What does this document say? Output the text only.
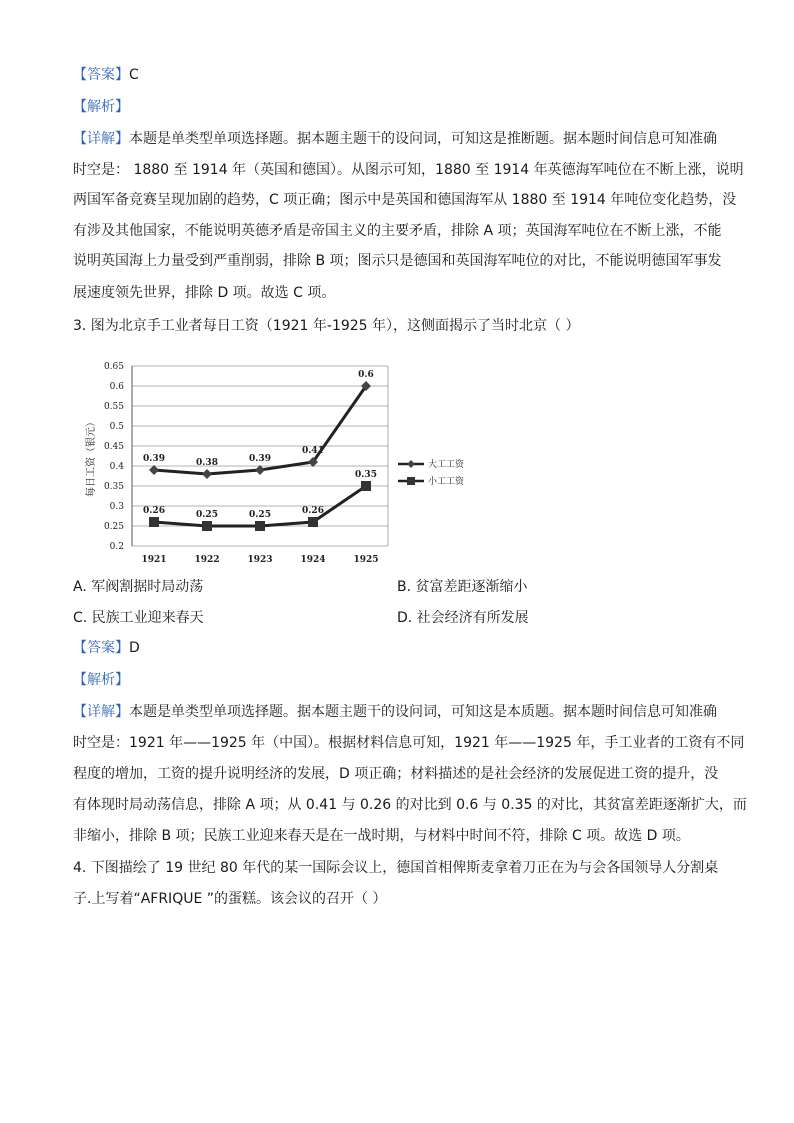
【答案】C
【解析】
【详解】本题是单类型单项选择题。据本题主题干的设问词，可知这是推断题。据本题时间信息可知准确
时空是： 1880 至 1914 年（英国和德国）。从图示可知，1880 至 1914 年英德海军吨位在不断上涨，说明
两国军备竞赛呈现加剧的趋势，C 项正确；图示中是英国和德国海军从 1880 至 1914 年吨位变化趋势，没
有涉及其他国家，不能说明英德矛盾是帝国主义的主要矛盾，排除 A 项；英国海军吨位在不断上涨，不能
说明英国海上力量受到严重削弱，排除 B 项；图示只是德国和英国海军吨位的对比，不能说明德国军事发
展速度领先世界，排除 D 项。故选 C 项。
3. 图为北京手工业者每日工资（1921 年-1925 年），这侧面揭示了当时北京（ ）
0.2
0.25
0.3
0.35
0.4
0.45
0.5
0.55
0.6
0.65
1921	1922	1923	1924	1925
每日工资（银元）	0.39	0.38	0.39
0.41
0.6
0.26	0.25	0.25	0.26
0.35
大工工资
小工工资
A. 军阀割据时局动荡	B. 贫富差距逐渐缩小
C. 民族工业迎来春天	D. 社会经济有所发展
【答案】D
【解析】
【详解】本题是单类型单项选择题。据本题主题干的设问词，可知这是本质题。据本题时间信息可知准确
时空是：1921 年——1925 年（中国）。根据材料信息可知，1921 年——1925 年，手工业者的工资有不同
程度的增加，工资的提升说明经济的发展，D 项正确；材料描述的是社会经济的发展促进工资的提升，没
有体现时局动荡信息，排除 A 项；从 0.41 与 0.26 的对比到 0.6 与 0.35 的对比，其贫富差距逐渐扩大，而
非缩小，排除 B 项；民族工业迎来春天是在一战时期，与材料中时间不符，排除 C 项。故选 D 项。
4. 下图描绘了 19 世纪 80 年代的某一国际会议上，德国首相俾斯麦拿着刀正在为与会各国领导人分割桌
子.上写着“AFRIQUE ”的蛋糕。该会议的召开（ ）
